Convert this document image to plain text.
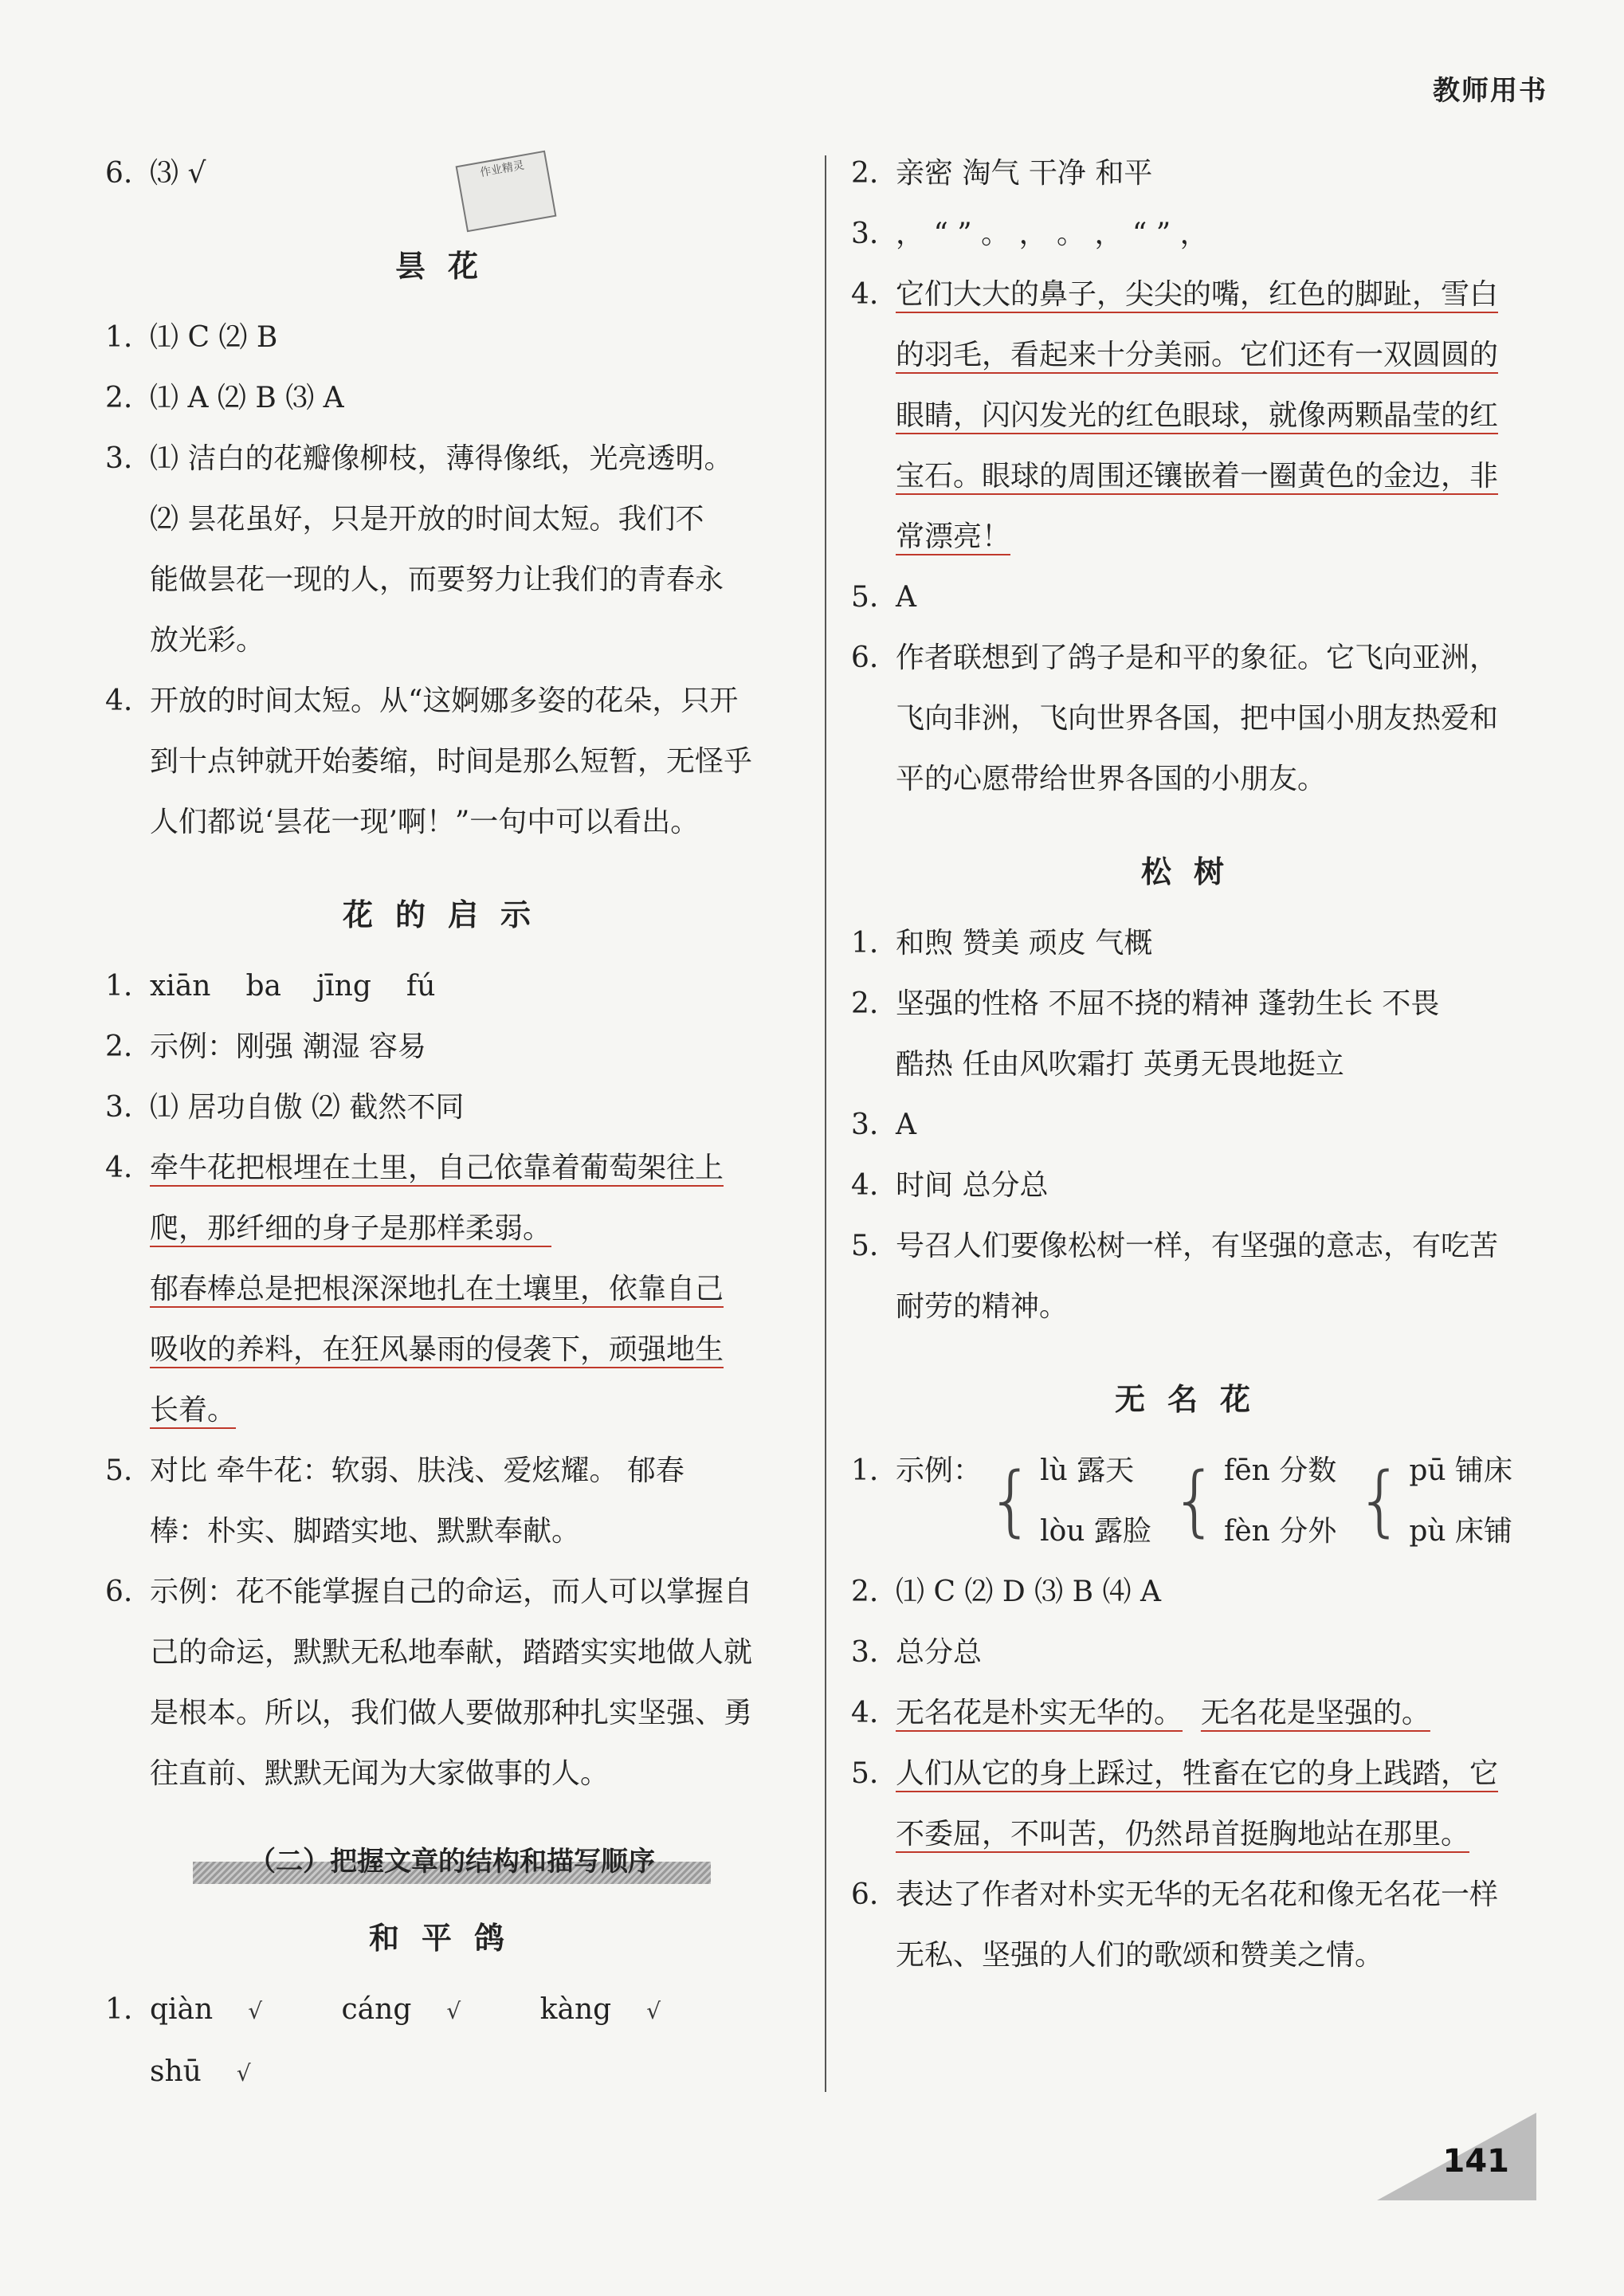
教师用书
作业精灵
6. ⑶ √
昙花
1. ⑴ C ⑵ B
2. ⑴ A ⑵ B ⑶ A
3. ⑴ 洁白的花瓣像柳枝，薄得像纸，光亮透明。
⑵ 昙花虽好，只是开放的时间太短。我们不
能做昙花一现的人，而要努力让我们的青春永
放光彩。
4. 开放的时间太短。从“这婀娜多姿的花朵，只开
到十点钟就开始萎缩，时间是那么短暂，无怪乎
人们都说‘昙花一现’啊！”一句中可以看出。
花的启示
1. xiān ba jīng fú
2. 示例：刚强 潮湿 容易
3. ⑴ 居功自傲 ⑵ 截然不同
4. 牵牛花把根埋在土里，自己依靠着葡萄架往上
爬，那纤细的身子是那样柔弱。
郁春棒总是把根深深地扎在土壤里，依靠自己
吸收的养料，在狂风暴雨的侵袭下，顽强地生
长着。
5. 对比 牵牛花：软弱、肤浅、爱炫耀。 郁春
棒：朴实、脚踏实地、默默奉献。
6. 示例：花不能掌握自己的命运，而人可以掌握自
己的命运，默默无私地奉献，踏踏实实地做人就
是根本。所以，我们做人要做那种扎实坚强、勇
往直前、默默无闻为大家做事的人。
（二）把握文章的结构和描写顺序
和平鸽
1. qiàn √	cáng √	kàng √ shū √
2. 亲密 淘气 干净 和平
3. ， “ ” 。 ， 。 ， “ ” ，
4. 它们大大的鼻子，尖尖的嘴，红色的脚趾，雪白
的羽毛，看起来十分美丽。它们还有一双圆圆的
眼睛，闪闪发光的红色眼球，就像两颗晶莹的红
宝石。眼球的周围还镶嵌着一圈黄色的金边，非
常漂亮！
5. A
6. 作者联想到了鸽子是和平的象征。它飞向亚洲，
飞向非洲，飞向世界各国，把中国小朋友热爱和
平的心愿带给世界各国的小朋友。
松树
1. 和煦 赞美 顽皮 气概
2. 坚强的性格 不屈不挠的精神 蓬勃生长 不畏
酷热 任由风吹霜打 英勇无畏地挺立
3. A
4. 时间 总分总
5. 号召人们要像松树一样，有坚强的意志，有吃苦
耐劳的精神。
无名花
1. 示例： { lù 露天
lòu 露脸 { fēn 分数
fèn 分外 { pū 铺床
pù 床铺
2. ⑴ C ⑵ D ⑶ B ⑷ A
3. 总分总
4. 无名花是朴实无华的。 无名花是坚强的。
5. 人们从它的身上踩过，牲畜在它的身上践踏，它
不委屈，不叫苦，仍然昂首挺胸地站在那里。
6. 表达了作者对朴实无华的无名花和像无名花一样
无私、坚强的人们的歌颂和赞美之情。
141
